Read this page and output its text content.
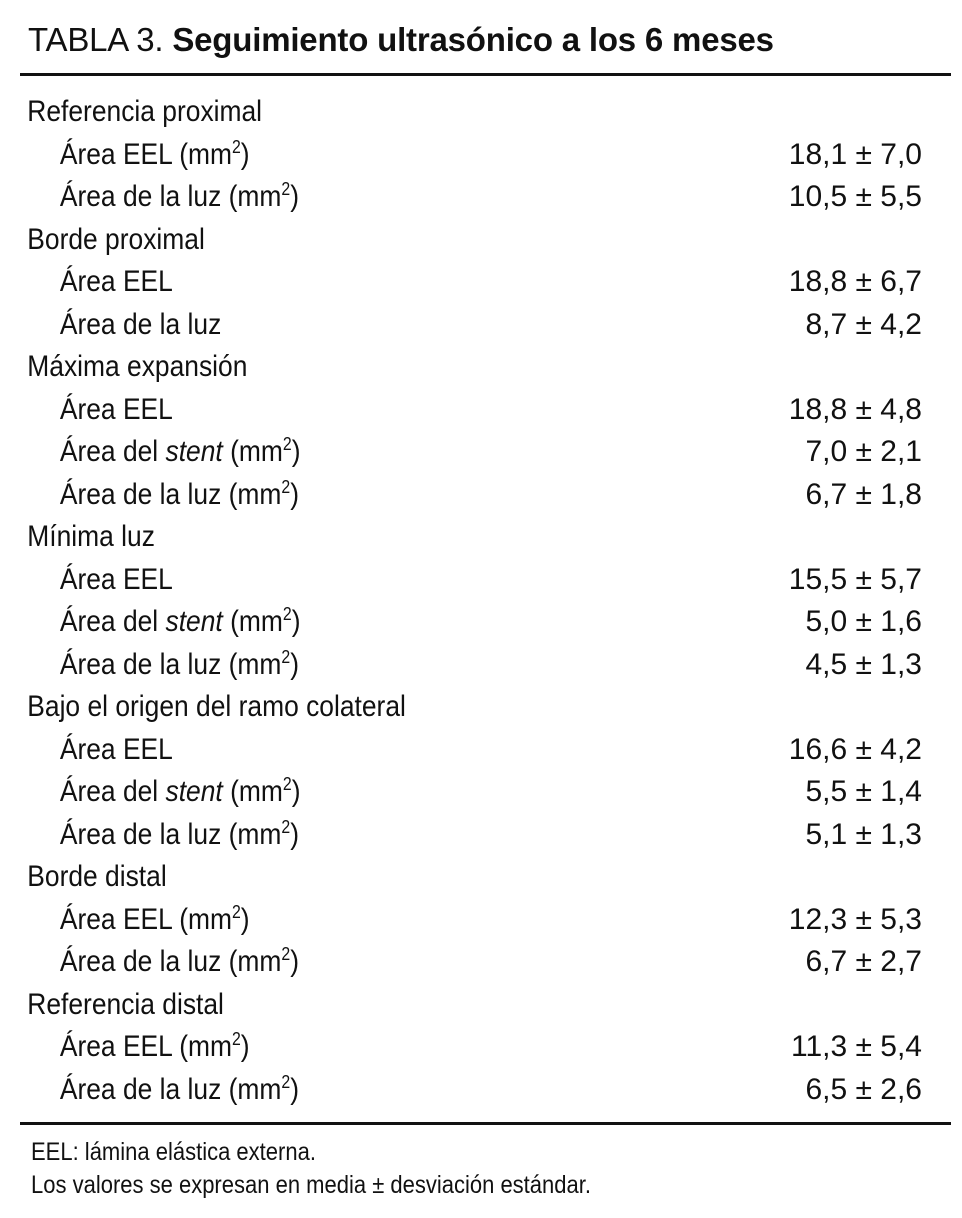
TABLA 3. Seguimiento ultrasónico a los 6 meses
Referencia proximal
Área EEL $(mm^2)$	18,1 ± 7,0
Área de la luz $(mm^2)$	10,5 ± 5,5
Borde proximal
Área EEL	18,8 ± 6,7
Área de la luz	8,7 ± 4,2
Máxima expansión
Área EEL	18,8 ± 4,8
Área del stent $(mm^2)$	7,0 ± 2,1
Área de la luz $(mm^2)$	6,7 ± 1,8
Mínima luz
Área EEL	15,5 ± 5,7
Área del stent $(mm^2)$	5,0 ± 1,6
Área de la luz $(mm^2)$	4,5 ± 1,3
Bajo el origen del ramo colateral
Área EEL	16,6 ± 4,2
Área del stent $(mm^2)$	5,5 ± 1,4
Área de la luz $(mm^2)$	5,1 ± 1,3
Borde distal
Área EEL $(mm^2)$	12,3 ± 5,3
Área de la luz $(mm^2)$	6,7 ± 2,7
Referencia distal
Área EEL $(mm^2)$	11,3 ± 5,4
Área de la luz $(mm^2)$	6,5 ± 2,6
EEL: lámina elástica externa.
Los valores se expresan en media ± desviación estándar.
